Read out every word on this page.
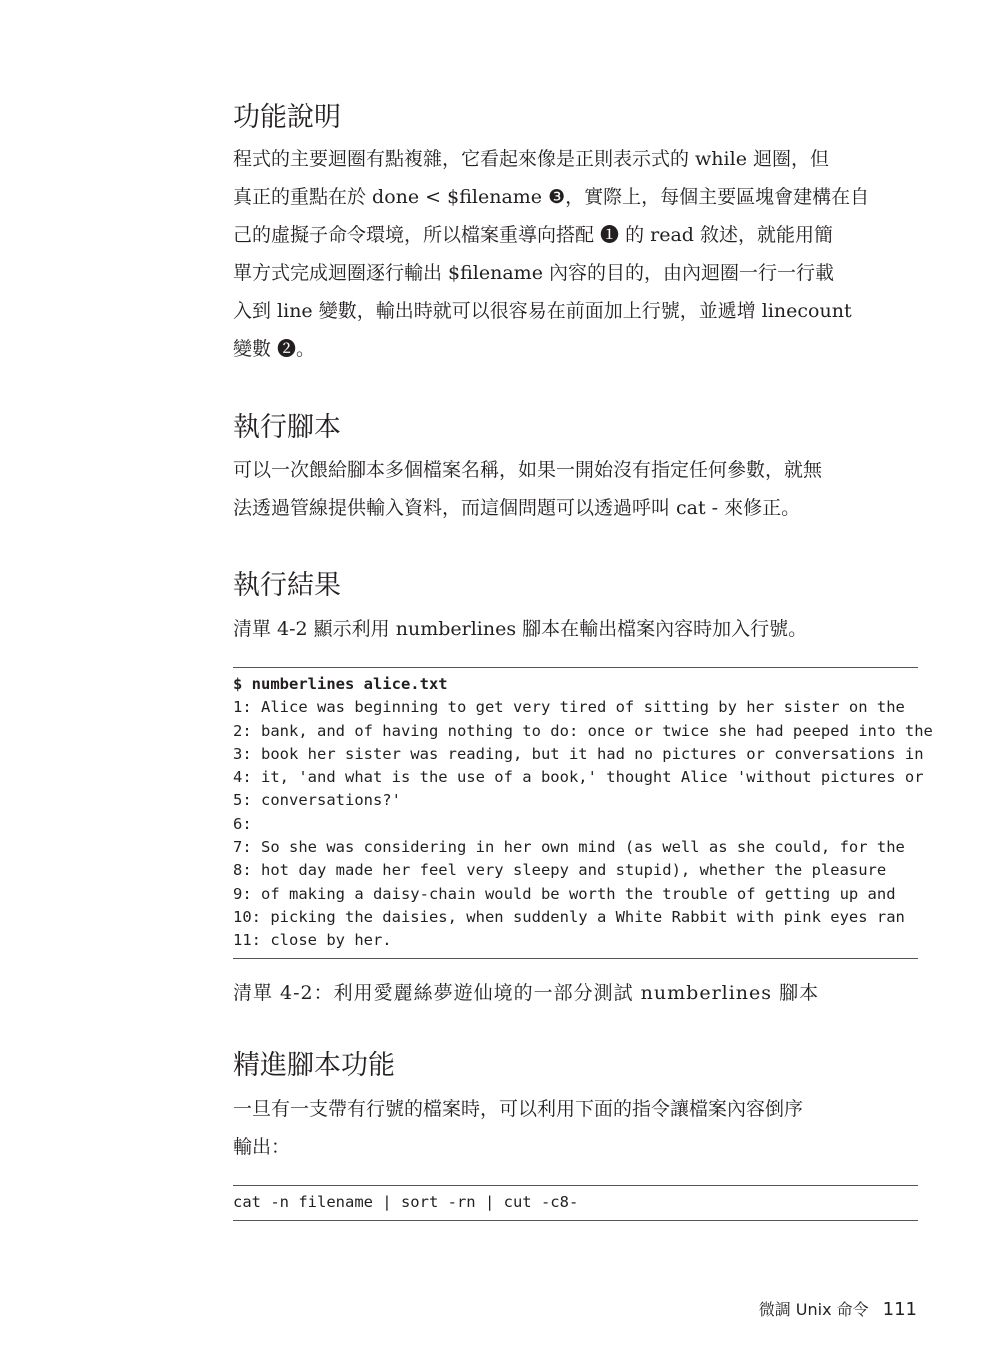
功能說明
程式的主要迴圈有點複雜，它看起來像是正則表示式的 while 迴圈，但
真正的重點在於 done < $filename ❸，實際上，每個主要區塊會建構在自
己的虛擬子命令環境，所以檔案重導向搭配 ❶ 的 read 敘述，就能用簡
單方式完成迴圈逐行輸出 $filename 內容的目的，由內迴圈一行一行載
入到 line 變數，輸出時就可以很容易在前面加上行號，並遞增 linecount
變數 ❷。
執行腳本
可以一次餵給腳本多個檔案名稱，如果一開始沒有指定任何參數，就無
法透過管線提供輸入資料，而這個問題可以透過呼叫 cat - 來修正。
執行結果
清單 4-2 顯示利用 numberlines 腳本在輸出檔案內容時加入行號。
$ numberlines alice.txt
1: Alice was beginning to get very tired of sitting by her sister on the
2: bank, and of having nothing to do: once or twice she had peeped into the
3: book her sister was reading, but it had no pictures or conversations in
4: it, 'and what is the use of a book,' thought Alice 'without pictures or
5: conversations?'
6:
7: So she was considering in her own mind (as well as she could, for the
8: hot day made her feel very sleepy and stupid), whether the pleasure
9: of making a daisy-chain would be worth the trouble of getting up and
10: picking the daisies, when suddenly a White Rabbit with pink eyes ran
11: close by her.
清單 4-2：利用愛麗絲夢遊仙境的一部分測試 numberlines 腳本
精進腳本功能
一旦有一支帶有行號的檔案時，可以利用下面的指令讓檔案內容倒序
輸出：
cat -n filename | sort -rn | cut -c8-
微調 Unix 命令 111
